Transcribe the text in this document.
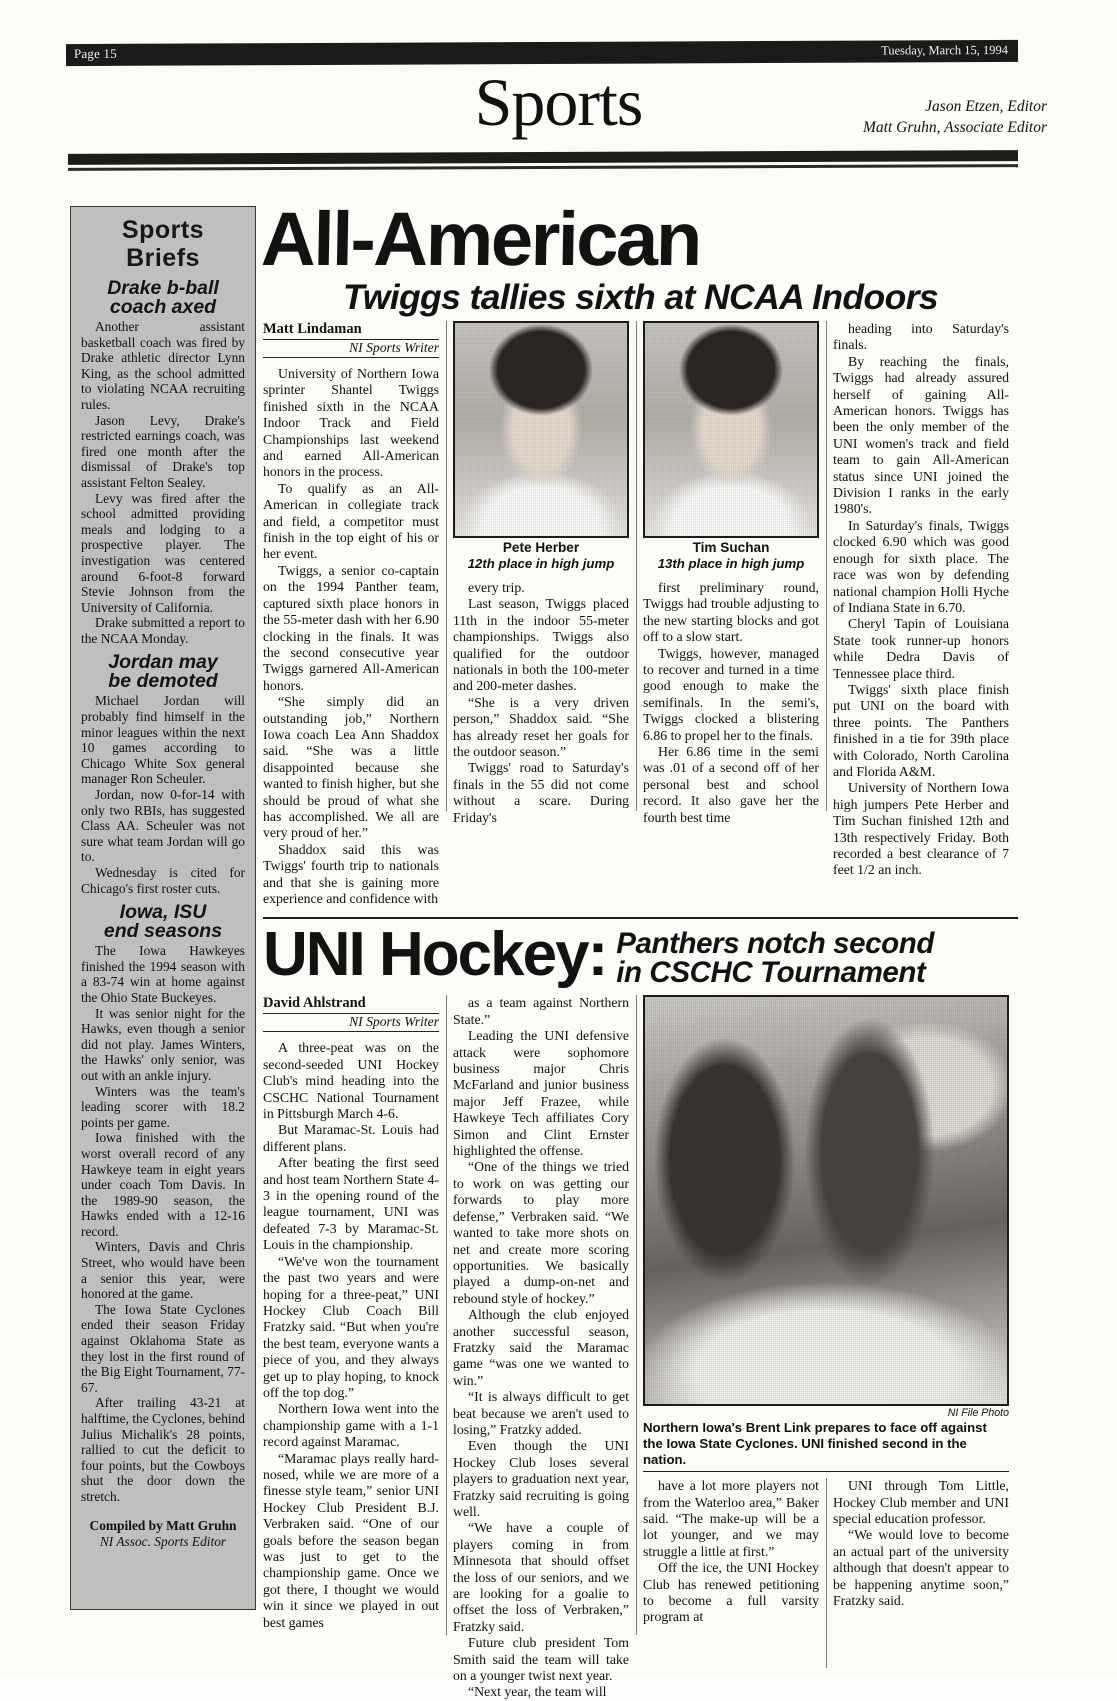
Page 15	Tuesday, March 15, 1994
Sports	Jason Etzen, Editor
Matt Gruhn, Associate Editor
Sports
Briefs
Drake b-ball
coach axed

Another assistant basketball coach was fired by Drake athletic director Lynn King, as the school admitted to violating NCAA recruiting rules.

Jason Levy, Drake's restricted earnings coach, was fired one month after the dismissal of Drake's top assistant Felton Sealey.

Levy was fired after the school admitted providing meals and lodging to a prospective player. The investigation was centered around 6-foot-8 forward Stevie Johnson from the University of California.

Drake submitted a report to the NCAA Monday.

Jordan may
be demoted

Michael Jordan will probably find himself in the minor leagues within the next 10 games according to Chicago White Sox general manager Ron Scheuler.

Jordan, now 0-for-14 with only two RBIs, has suggested Class AA. Scheuler was not sure what team Jordan will go to.

Wednesday is cited for Chicago's first roster cuts.

Iowa, ISU
end seasons

The Iowa Hawkeyes finished the 1994 season with a 83-74 win at home against the Ohio State Buckeyes.

It was senior night for the Hawks, even though a senior did not play. James Winters, the Hawks' only senior, was out with an ankle injury.

Winters was the team's leading scorer with 18.2 points per game.

Iowa finished with the worst overall record of any Hawkeye team in eight years under coach Tom Davis. In the 1989-90 season, the Hawks ended with a 12-16 record.

Winters, Davis and Chris Street, who would have been a senior this year, were honored at the game.

The Iowa State Cyclones ended their season Friday against Oklahoma State as they lost in the first round of the Big Eight Tournament, 77-67.

After trailing 43-21 at halftime, the Cyclones, behind Julius Michalik's 28 points, rallied to cut the deficit to four points, but the Cowboys shut the door down the stretch.

Compiled by Matt Gruhn
NI Assoc. Sports Editor
All-American
Twiggs tallies sixth at NCAA Indoors
Matt Lindaman
NI Sports Writer

University of Northern Iowa sprinter Shantel Twiggs finished sixth in the NCAA Indoor Track and Field Championships last weekend and earned All-American honors in the process.

To qualify as an All-American in collegiate track and field, a competitor must finish in the top eight of his or her event.

Twiggs, a senior co-captain on the 1994 Panther team, captured sixth place honors in the 55-meter dash with her 6.90 clocking in the finals. It was the second consecutive year Twiggs garnered All-American honors.

“She simply did an outstanding job,” Northern Iowa coach Lea Ann Shaddox said. “She was a little disappointed because she wanted to finish higher, but she should be proud of what she has accomplished. We all are very proud of her.”

Shaddox said this was Twiggs' fourth trip to nationals and that she is gaining more experience and confidence with

Pete Herber
12th place in high jump

every trip.

Last season, Twiggs placed 11th in the indoor 55-meter championships. Twiggs also qualified for the outdoor nationals in both the 100-meter and 200-meter dashes.

“She is a very driven person,” Shaddox said. “She has already reset her goals for the outdoor season.”

Twiggs' road to Saturday's finals in the 55 did not come without a scare. During Friday's

Tim Suchan
13th place in high jump

first preliminary round, Twiggs had trouble adjusting to the new starting blocks and got off to a slow start.

Twiggs, however, managed to recover and turned in a time good enough to make the semifinals. In the semi's, Twiggs clocked a blistering 6.86 to propel her to the finals.

Her 6.86 time in the semi was .01 of a second off of her personal best and school record. It also gave her the fourth best time

heading into Saturday's finals.

By reaching the finals, Twiggs had already assured herself of gaining All-American honors. Twiggs has been the only member of the UNI women's track and field team to gain All-American status since UNI joined the Division I ranks in the early 1980's.

In Saturday's finals, Twiggs clocked 6.90 which was good enough for sixth place. The race was won by defending national champion Holli Hyche of Indiana State in 6.70.

Cheryl Tapin of Louisiana State took runner-up honors while Dedra Davis of Tennessee place third.

Twiggs' sixth place finish put UNI on the board with three points. The Panthers finished in a tie for 39th place with Colorado, North Carolina and Florida A&M.

University of Northern Iowa high jumpers Pete Herber and Tim Suchan finished 12th and 13th respectively Friday. Both recorded a best clearance of 7 feet 1/2 an inch.

UNI Hockey: Panthers notch second
in CSCHC Tournament
David Ahlstrand
NI Sports Writer

A three-peat was on the second-seeded UNI Hockey Club's mind heading into the CSCHC National Tournament in Pittsburgh March 4-6.

But Maramac-St. Louis had different plans.

After beating the first seed and host team Northern State 4-3 in the opening round of the league tournament, UNI was defeated 7-3 by Maramac-St. Louis in the championship.

“We've won the tournament the past two years and were hoping for a three-peat,” UNI Hockey Club Coach Bill Fratzky said. “But when you're the best team, everyone wants a piece of you, and they always get up to play hoping, to knock off the top dog.”

Northern Iowa went into the championship game with a 1-1 record against Maramac.

“Maramac plays really hard-nosed, while we are more of a finesse style team,” senior UNI Hockey Club President B.J. Verbraken said. “One of our goals before the season began was just to get to the championship game. Once we got there, I thought we would win it since we played in out best games

as a team against Northern State.”

Leading the UNI defensive attack were sophomore business major Chris McFarland and junior business major Jeff Frazee, while Hawkeye Tech affiliates Cory Simon and Clint Ernster highlighted the offense.

“One of the things we tried to work on was getting our forwards to play more defense,” Verbraken said. “We wanted to take more shots on net and create more scoring opportunities. We basically played a dump-on-net and rebound style of hockey.”

Although the club enjoyed another successful season, Fratzky said the Maramac game “was one we wanted to win.”

“It is always difficult to get beat because we aren't used to losing,” Fratzky added.

Even though the UNI Hockey Club loses several players to graduation next year, Fratzky said recruiting is going well.

“We have a couple of players coming in from Minnesota that should offset the loss of our seniors, and we are looking for a goalie to offset the loss of Verbraken,” Fratzky said.

Future club president Tom Smith said the team will take on a younger twist next year.

“Next year, the team will

NI File Photo
Northern Iowa's Brent Link prepares to face off against the Iowa State Cyclones. UNI finished second in the nation.

have a lot more players not from the Waterloo area,” Baker said. “The make-up will be a lot younger, and we may struggle a little at first.”

Off the ice, the UNI Hockey Club has renewed petitioning to become a full varsity program at

UNI through Tom Little, Hockey Club member and UNI special education professor.

“We would love to become an actual part of the university although that doesn't appear to be happening anytime soon,” Fratzky said.
